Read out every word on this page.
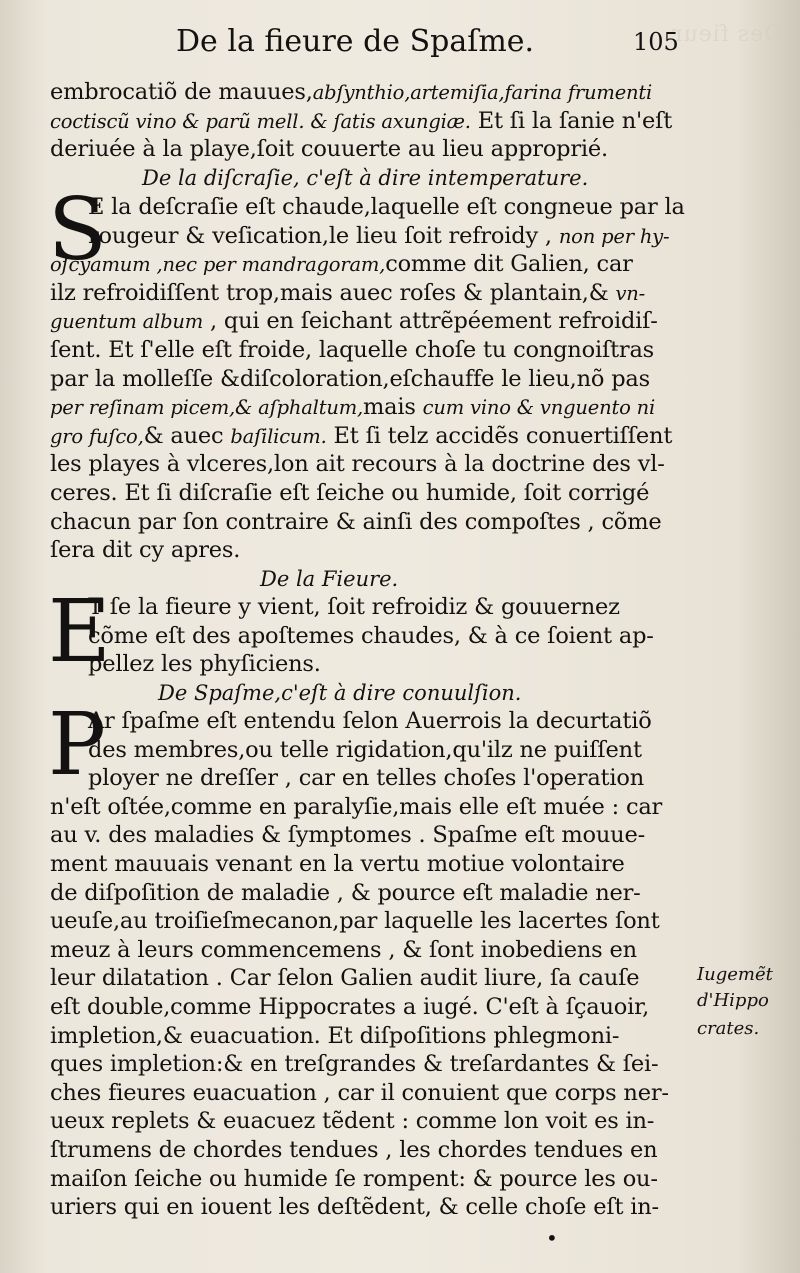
Des fieur
De la fieure de Spaſme.	105
embrocatiõ de mauues,abſynthio,artemiſia,farina frumenti
coctiscũ vino & parũ mell. & ſatis axungiæ. Et ſi la ſanie n'eſt
deriuée à la playe,ſoit couuerte au lieu approprié.
De la diſcraſie, c'eſt à dire intemperature.
S
E la deſcraſie eſt chaude,laquelle eſt congneue par la
rougeur & veſication,le lieu ſoit refroidy , non per hy-
oſcyamum ,nec per mandragoram,comme dit Galien, car
ilz refroidiſſent trop,mais auec roſes & plantain,& vn-
guentum album , qui en ſeichant attrẽpéement refroidiſ-
ſent. Et ſ'elle eſt froide, laquelle choſe tu congnoiſtras
par la molleſſe &diſcoloration,eſchauffe le lieu,nõ pas
per reſinam picem,& aſphaltum,mais cum vino & vnguento ni
gro fuſco,& auec baſilicum. Et ſi telz accidẽs conuertiſſent
les playes à vlceres,lon ait recours à la doctrine des vl-
ceres. Et ſi diſcraſie eſt ſeiche ou humide, ſoit corrigé
chacun par ſon contraire & ainſi des compoſtes , cõme
ſera dit cy apres.
De la Fieure.
E
T ſe la fieure y vient, ſoit refroidiz & gouuernez
cõme eſt des apoſtemes chaudes, & à ce ſoient ap-
pellez les phyſiciens.
De Spaſme,c'eſt à dire conuulſion.
P
Ar ſpaſme eſt entendu ſelon Auerrois la decurtatiõ
des membres,ou telle rigidation,qu'ilz ne puiſſent
ployer ne dreſſer , car en telles choſes l'operation
n'eſt oſtée,comme en paralyſie,mais elle eſt muée : car
au v. des maladies & ſymptomes . Spaſme eſt mouue-
ment mauuais venant en la vertu motiue volontaire
de diſpoſition de maladie , & pource eſt maladie ner-
ueuſe,au troiſieſmecanon,par laquelle les lacertes ſont
meuz à leurs commencemens , & ſont inobediens en
leur dilatation . Car ſelon Galien audit liure, ſa cauſe
eſt double,comme Hippocrates a iugé. C'eſt à ſçauoir,
impletion,& euacuation. Et diſpoſitions phlegmoni-
ques impletion:& en treſgrandes & treſardantes & ſei-
ches fieures euacuation , car il conuient que corps ner-
ueux replets & euacuez tẽdent : comme lon voit es in-
ſtrumens de chordes tendues , les chordes tendues en
maiſon ſeiche ou humide ſe rompent: & pource les ou-
uriers qui en iouent les deſtẽdent, & celle choſe eſt in-
Iugemẽt
d'Hippo
crates.
•
